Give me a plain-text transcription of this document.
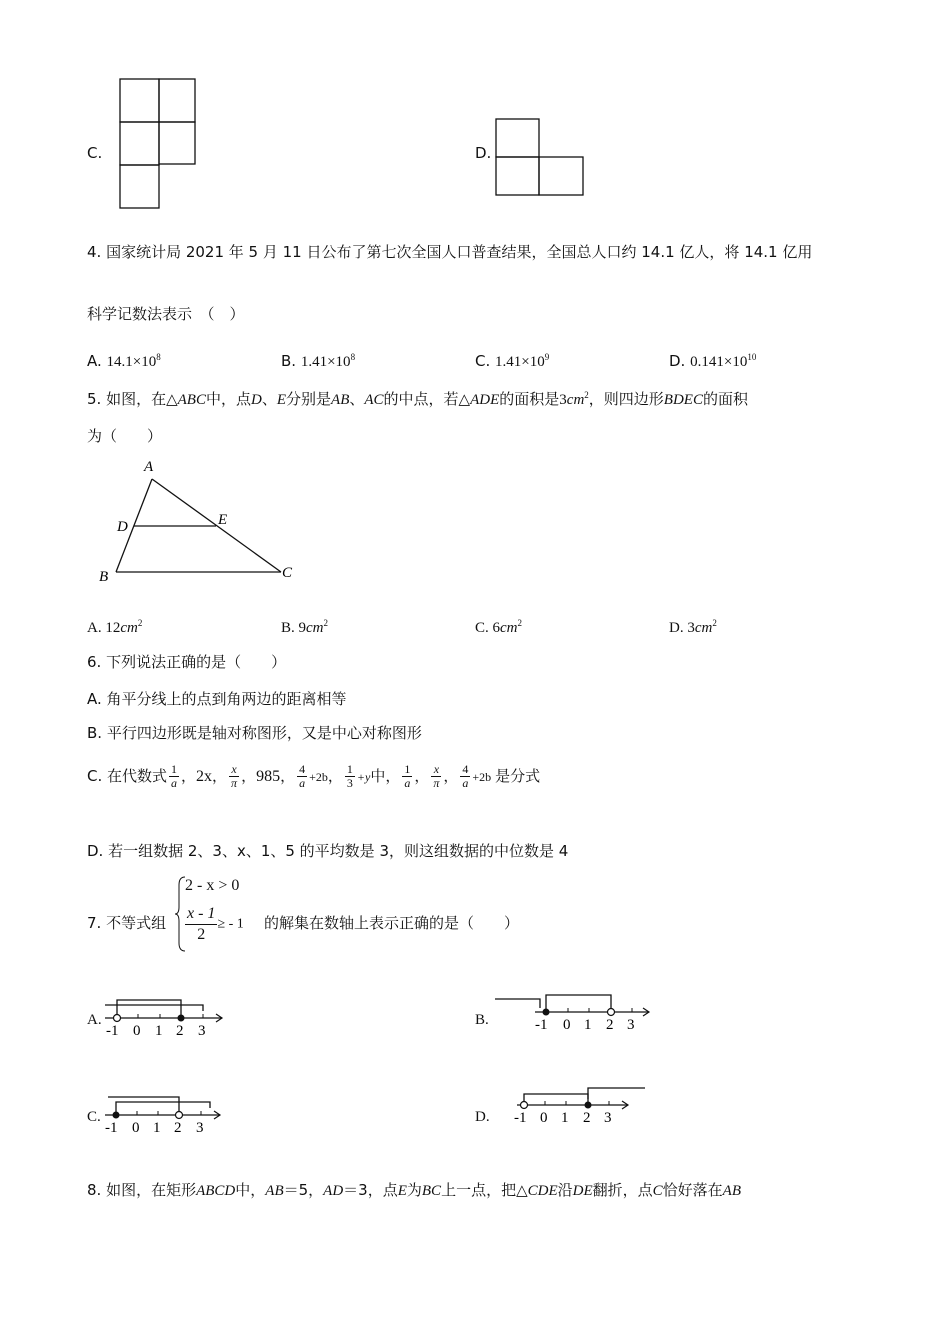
C.	D.
4. 国家统计局 2021 年 5 月 11 日公布了第七次全国人口普查结果，全国总人口约 14.1 亿人，将 14.1 亿用
科学记数法表示　（　）
A. $14.1\times 10^8$	B. $1.41\times 10^8$	C. $1.41\times 10^9$	D. $0.141\times 10^{10}$
5. 如图，在△ABC中，点D、E分别是AB、AC的中点，若△ADE的面积是$3cm^2$，则四边形BDEC的面积
为（　　）
A
B	C
D	E
A. $12cm^2$	B. $9cm^2$	C. $6cm^2$	D. $3cm^2$
6. 下列说法正确的是（　　）
A. 角平分线上的点到角两边的距离相等
B. 平行四边形既是轴对称图形，又是中心对称图形
C. 在代数式 $\frac{1}{a}$ ，2x， $\frac{x}{\pi}$ ，985， $\frac{4}{a} +2b$， $\frac{1}{3} +y$中， $\frac{1}{a}$ ， $\frac{x}{\pi}$ ， $\frac{4}{a} +2b$ 是分式
D. 若一组数据 2、3、x、1、5 的平均数是 3，则这组数据的中位数是 4
7. 不等式组
2 - x > 0
$\frac{x - 1}{2}$ ≥ - 1 的解集在数轴上表示正确的是（　　）
A.
-1 0 1 2 3
B.	-1 0 1 2 3
C.
-1 0 1 2 3
D. -1 0 1 2 3
8. 如图，在矩形ABCD中，AB＝5，AD＝3，点E为BC上一点，把△CDE沿DE翻折，点C恰好落在AB
